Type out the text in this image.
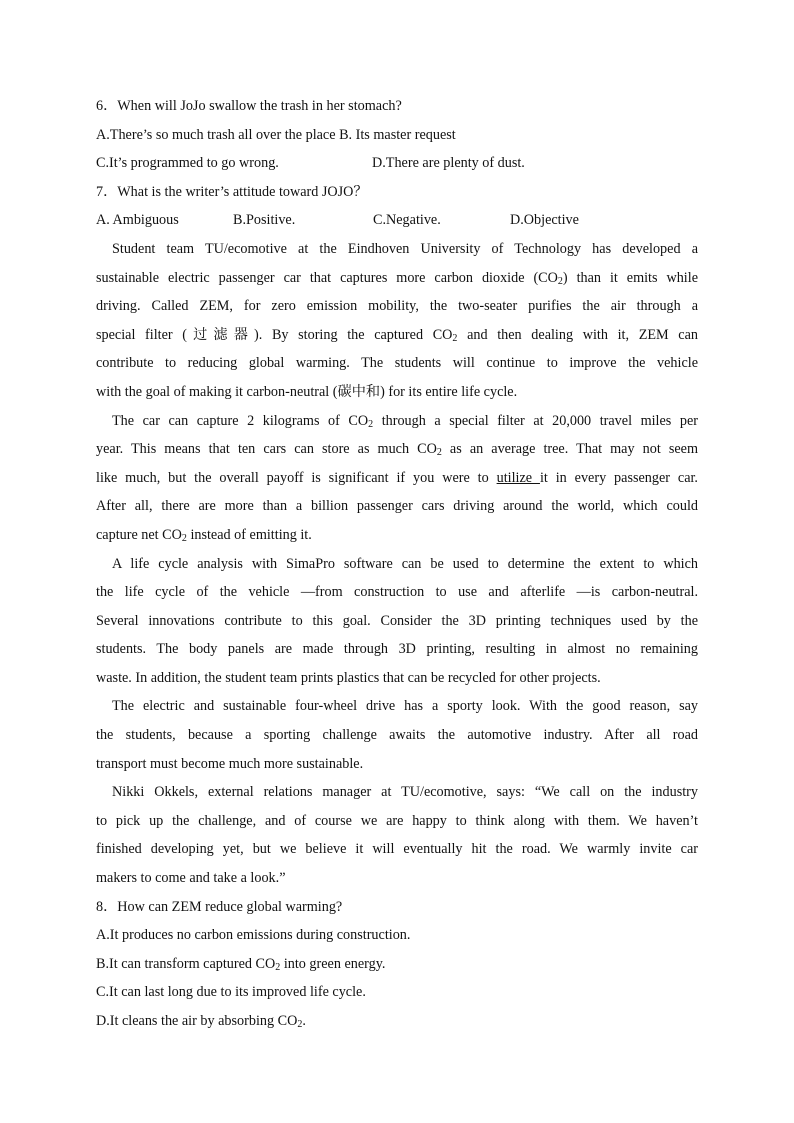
6．When will JoJo swallow the trash in her stomach?
A.There’s so much trash all over the place B. Its master request
C.It’s programmed to go wrong.	D.There are plenty of dust.
7．What is the writer’s attitude toward JOJO？
A. Ambiguous	B.Positive.	C.Negative.	D.Objective
Student team TU/ecomotive at the Eindhoven University of Technology has developed a
sustainable electric passenger car that captures more carbon dioxide $(CO_2)$ than it emits while
driving. Called ZEM, for zero emission mobility, the two-seater purifies the air through a
special filter (过滤器). By storing the captured $CO_2$ and then dealing with it, ZEM can
contribute to reducing global warming. The students will continue to improve the vehicle
with the goal of making it carbon-neutral (碳中和) for its entire life cycle.
The car can capture 2 kilograms of $CO_2$ through a special filter at 20,000 travel miles per
year. This means that ten cars can store as much $CO_2$ as an average tree. That may not seem
like much, but the overall payoff is significant if you were to utilize it in every passenger car.
After all, there are more than a billion passenger cars driving around the world, which could
capture net $CO_2$ instead of emitting it.
A life cycle analysis with SimaPro software can be used to determine the extent to which
the life cycle of the vehicle —from construction to use and afterlife —is carbon-neutral.
Several innovations contribute to this goal. Consider the 3D printing techniques used by the
students. The body panels are made through 3D printing, resulting in almost no remaining
waste. In addition, the student team prints plastics that can be recycled for other projects.
The electric and sustainable four-wheel drive has a sporty look. With the good reason, say
the students, because a sporting challenge awaits the automotive industry. After all road
transport must become much more sustainable.
Nikki Okkels, external relations manager at TU/ecomotive, says: “We call on the industry
to pick up the challenge, and of course we are happy to think along with them. We haven’t
finished developing yet, but we believe it will eventually hit the road. We warmly invite car
makers to come and take a look.”
8．How can ZEM reduce global warming?
A.It produces no carbon emissions during construction.
B.It can transform captured $CO_2$ into green energy.
C.It can last long due to its improved life cycle.
D.It cleans the air by absorbing $CO_2$.
